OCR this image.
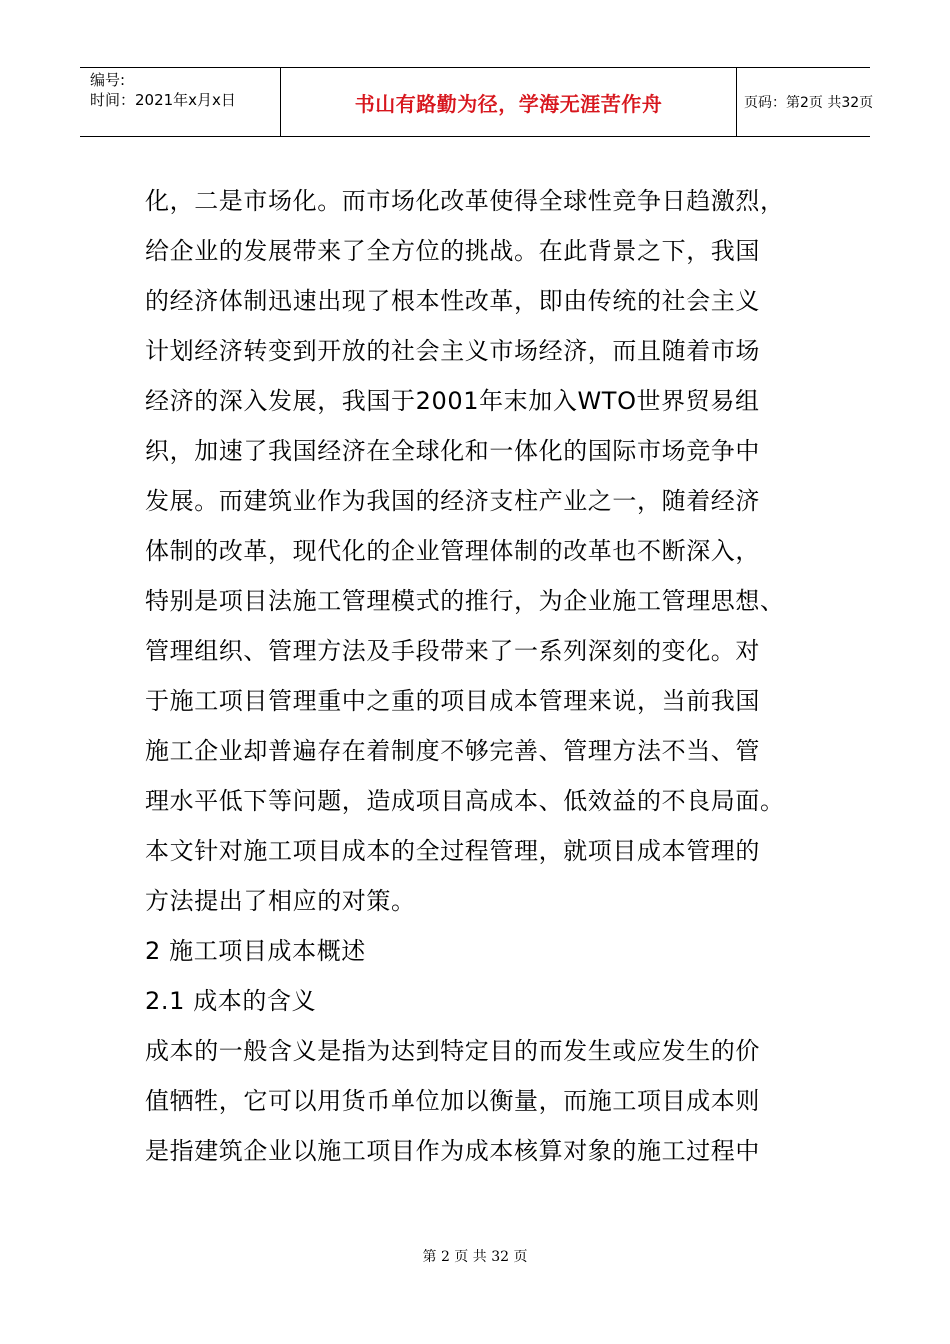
编号:
时间：2021年x月x日	书山有路勤为径，学海无涯苦作舟	页码：第2页 共32页
化，二是市场化。而市场化改革使得全球性竞争日趋激烈，
给企业的发展带来了全方位的挑战。在此背景之下，我国
的经济体制迅速出现了根本性改革，即由传统的社会主义
计划经济转变到开放的社会主义市场经济，而且随着市场
经济的深入发展，我国于2001年末加入WTO世界贸易组
织，加速了我国经济在全球化和一体化的国际市场竞争中
发展。而建筑业作为我国的经济支柱产业之一，随着经济
体制的改革，现代化的企业管理体制的改革也不断深入，
特别是项目法施工管理模式的推行，为企业施工管理思想、
管理组织、管理方法及手段带来了一系列深刻的变化。对
于施工项目管理重中之重的项目成本管理来说，当前我国
施工企业却普遍存在着制度不够完善、管理方法不当、管
理水平低下等问题，造成项目高成本、低效益的不良局面。
本文针对施工项目成本的全过程管理，就项目成本管理的
方法提出了相应的对策。
2 施工项目成本概述
2.1 成本的含义
成本的一般含义是指为达到特定目的而发生或应发生的价
值牺牲，它可以用货币单位加以衡量，而施工项目成本则
是指建筑企业以施工项目作为成本核算对象的施工过程中
第 2 页 共 32 页
